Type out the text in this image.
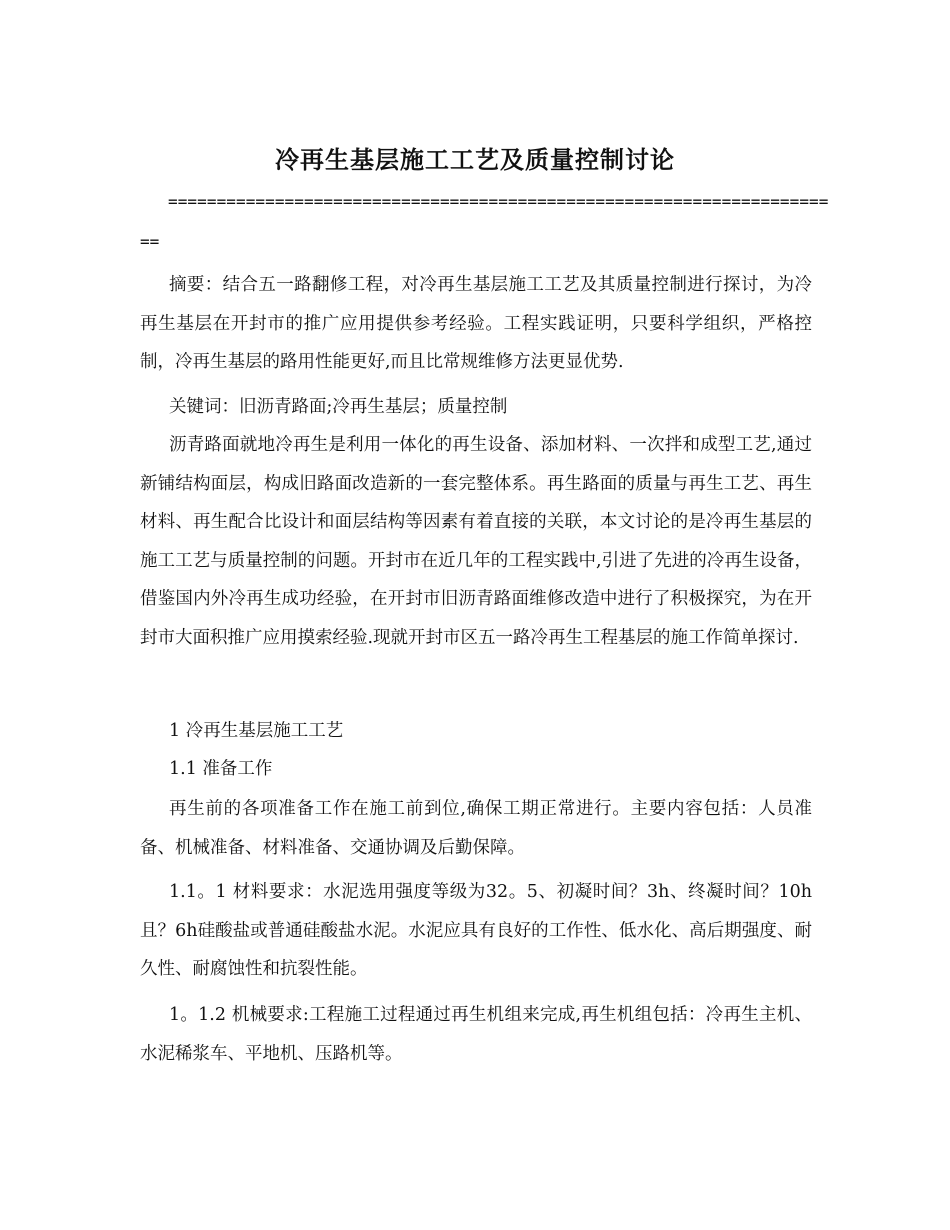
冷再生基层施工工艺及质量控制讨论
====================================================================
==

摘要：结合五一路翻修工程，对冷再生基层施工工艺及其质量控制进行探讨，为冷再生基层在开封市的推广应用提供参考经验。工程实践证明，只要科学组织，严格控制，冷再生基层的路用性能更好,而且比常规维修方法更显优势.

关键词：旧沥青路面;冷再生基层；质量控制

沥青路面就地冷再生是利用一体化的再生设备、添加材料、一次拌和成型工艺,通过新铺结构面层，构成旧路面改造新的一套完整体系。再生路面的质量与再生工艺、再生材料、再生配合比设计和面层结构等因素有着直接的关联，本文讨论的是冷再生基层的施工工艺与质量控制的问题。开封市在近几年的工程实践中,引进了先进的冷再生设备，借鉴国内外冷再生成功经验，在开封市旧沥青路面维修改造中进行了积极探究，为在开封市大面积推广应用摸索经验.现就开封市区五一路冷再生工程基层的施工作简单探讨.

1 冷再生基层施工工艺

1.1 准备工作

再生前的各项准备工作在施工前到位,确保工期正常进行。主要内容包括：人员准备、机械准备、材料准备、交通协调及后勤保障。

1.1。1 材料要求：水泥选用强度等级为32。5、初凝时间？3h、终凝时间？10h且？6h硅酸盐或普通硅酸盐水泥。水泥应具有良好的工作性、低水化、高后期强度、耐久性、耐腐蚀性和抗裂性能。

1。1.2 机械要求:工程施工过程通过再生机组来完成,再生机组包括：冷再生主机、水泥稀浆车、平地机、压路机等。
